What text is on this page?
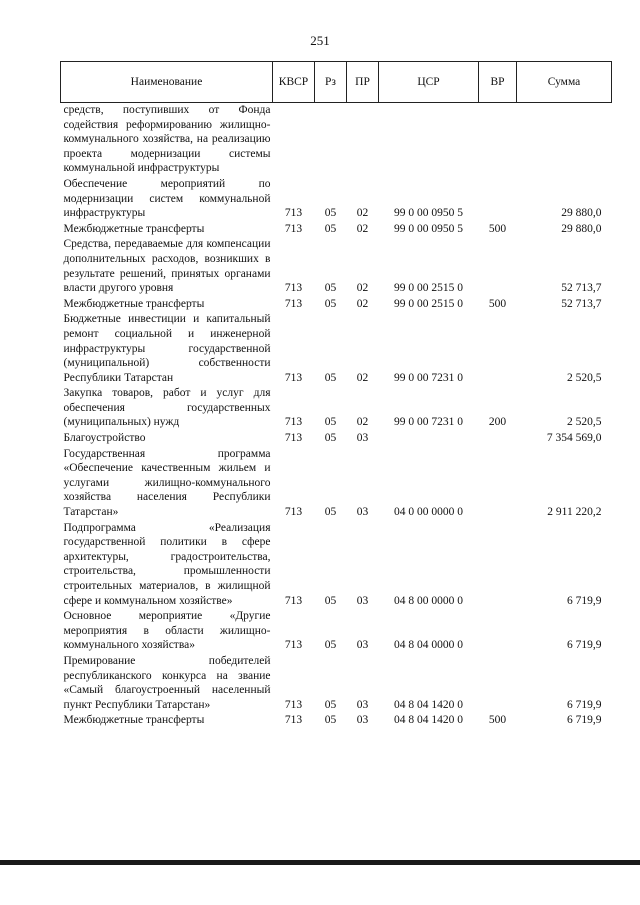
251
Наименование	КВСР	Рз	ПР	ЦСР	ВР	Сумма
средств, поступивших от Фонда содействия реформированию жилищно-коммунального хозяйства, на реализацию проекта модернизации системы коммунальной инфраструктуры						
Обеспечение мероприятий по модернизации систем коммунальной инфраструктуры	713	05	02	99 0 00 0950 5		29 880,0
Межбюджетные трансферты	713	05	02	99 0 00 0950 5	500	29 880,0
Средства, передаваемые для компенсации дополнительных расходов, возникших в результате решений, принятых органами власти другого уровня	713	05	02	99 0 00 2515 0		52 713,7
Межбюджетные трансферты	713	05	02	99 0 00 2515 0	500	52 713,7
Бюджетные инвестиции и капитальный ремонт социальной и инженерной инфраструктуры государственной (муниципальной) собственности Республики Татарстан	713	05	02	99 0 00 7231 0		2 520,5
Закупка товаров, работ и услуг для обеспечения государственных (муниципальных) нужд	713	05	02	99 0 00 7231 0	200	2 520,5
Благоустройство	713	05	03			7 354 569,0
Государственная программа «Обеспечение качественным жильем и услугами жилищно-коммунального хозяйства населения Республики Татарстан»	713	05	03	04 0 00 0000 0		2 911 220,2
Подпрограмма «Реализация государственной политики в сфере архитектуры, градостроительства, строительства, промышленности строительных материалов, в жилищной сфере и коммунальном хозяйстве»	713	05	03	04 8 00 0000 0		6 719,9
Основное мероприятие «Другие мероприятия в области жилищно-коммунального хозяйства»	713	05	03	04 8 04 0000 0		6 719,9
Премирование победителей республиканского конкурса на звание «Самый благоустроенный населенный пункт Республики Татарстан»	713	05	03	04 8 04 1420 0		6 719,9
Межбюджетные трансферты	713	05	03	04 8 04 1420 0	500	6 719,9
